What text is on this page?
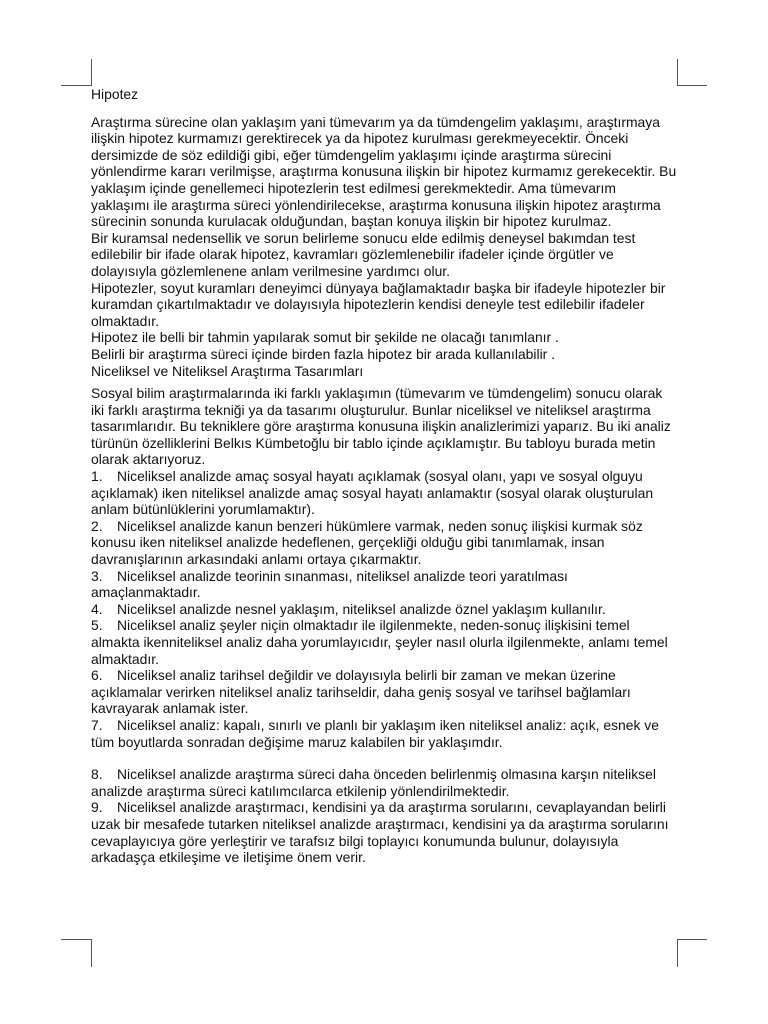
Hipotez

Araştırma sürecine olan yaklaşım yani tümevarım ya da tümdengelim yaklaşımı, araştırmaya ilişkin hipotez kurmamızı gerektirecek ya da hipotez kurulması gerekmeyecektir. Önceki dersimizde de söz edildiği gibi, eğer tümdengelim yaklaşımı içinde araştırma sürecini yönlendirme kararı verilmişse, araştırma konusuna ilişkin bir hipotez kurmamız gerekecektir. Bu yaklaşım içinde genellemeci hipotezlerin test edilmesi gerekmektedir. Ama tümevarım yaklaşımı ile araştırma süreci yönlendirilecekse, araştırma konusuna ilişkin hipotez araştırma sürecinin sonunda kurulacak olduğundan, baştan konuya ilişkin bir hipotez kurulmaz.

Bir kuramsal nedensellik ve sorun belirleme sonucu elde edilmiş deneysel bakımdan test edilebilir bir ifade olarak hipotez, kavramları gözlemlenebilir ifadeler içinde örgütler ve dolayısıyla gözlemlenene anlam verilmesine yardımcı olur.

Hipotezler, soyut kuramları deneyimci dünyaya bağlamaktadır başka bir ifadeyle hipotezler bir kuramdan çıkartılmaktadır ve dolayısıyla hipotezlerin kendisi deneyle test edilebilir ifadeler olmaktadır.

Hipotez ile belli bir tahmin yapılarak somut bir şekilde ne olacağı tanımlanır .

Belirli bir araştırma süreci içinde birden fazla hipotez bir arada kullanılabilir .

Niceliksel ve Niteliksel Araştırma Tasarımları

Sosyal bilim araştırmalarında iki farklı yaklaşımın (tümevarım ve tümdengelim) sonucu olarak iki farklı araştırma tekniği ya da tasarımı oluşturulur. Bunlar niceliksel ve niteliksel araştırma tasarımlarıdır. Bu tekniklere göre araştırma konusuna ilişkin analizlerimizi yaparız. Bu iki analiz türünün özelliklerini Belkıs Kümbetoğlu bir tablo içinde açıklamıştır. Bu tabloyu burada metin olarak aktarıyoruz.

1. Niceliksel analizde amaç sosyal hayatı açıklamak (sosyal olanı, yapı ve sosyal olguyu açıklamak) iken niteliksel analizde amaç sosyal hayatı anlamaktır (sosyal olarak oluşturulan anlam bütünlüklerini yorumlamaktır).

2. Niceliksel analizde kanun benzeri hükümlere varmak, neden sonuç ilişkisi kurmak söz konusu iken niteliksel analizde hedeflenen, gerçekliği olduğu gibi tanımlamak, insan davranışlarının arkasındaki anlamı ortaya çıkarmaktır.

3. Niceliksel analizde teorinin sınanması, niteliksel analizde teori yaratılması amaçlanmaktadır.

4. Niceliksel analizde nesnel yaklaşım, niteliksel analizde öznel yaklaşım kullanılır.

5. Niceliksel analiz şeyler niçin olmaktadır ile ilgilenmekte, neden-sonuç ilişkisini temel almakta ikenniteliksel analiz daha yorumlayıcıdır, şeyler nasıl olurla ilgilenmekte, anlamı temel almaktadır.

6. Niceliksel analiz tarihsel değildir ve dolayısıyla belirli bir zaman ve mekan üzerine açıklamalar verirken niteliksel analiz tarihseldir, daha geniş sosyal ve tarihsel bağlamları kavrayarak anlamak ister.

7. Niceliksel analiz: kapalı, sınırlı ve planlı bir yaklaşım iken niteliksel analiz: açık, esnek ve tüm boyutlarda sonradan değişime maruz kalabilen bir yaklaşımdır.

8. Niceliksel analizde araştırma süreci daha önceden belirlenmiş olmasına karşın niteliksel analizde araştırma süreci katılımcılarca etkilenip yönlendirilmektedir.

9. Niceliksel analizde araştırmacı, kendisini ya da araştırma sorularını, cevaplayandan belirli uzak bir mesafede tutarken niteliksel analizde araştırmacı, kendisini ya da araştırma sorularını cevaplayıcıya göre yerleştirir ve tarafsız bilgi toplayıcı konumunda bulunur, dolayısıyla arkadaşça etkileşime ve iletişime önem verir.
